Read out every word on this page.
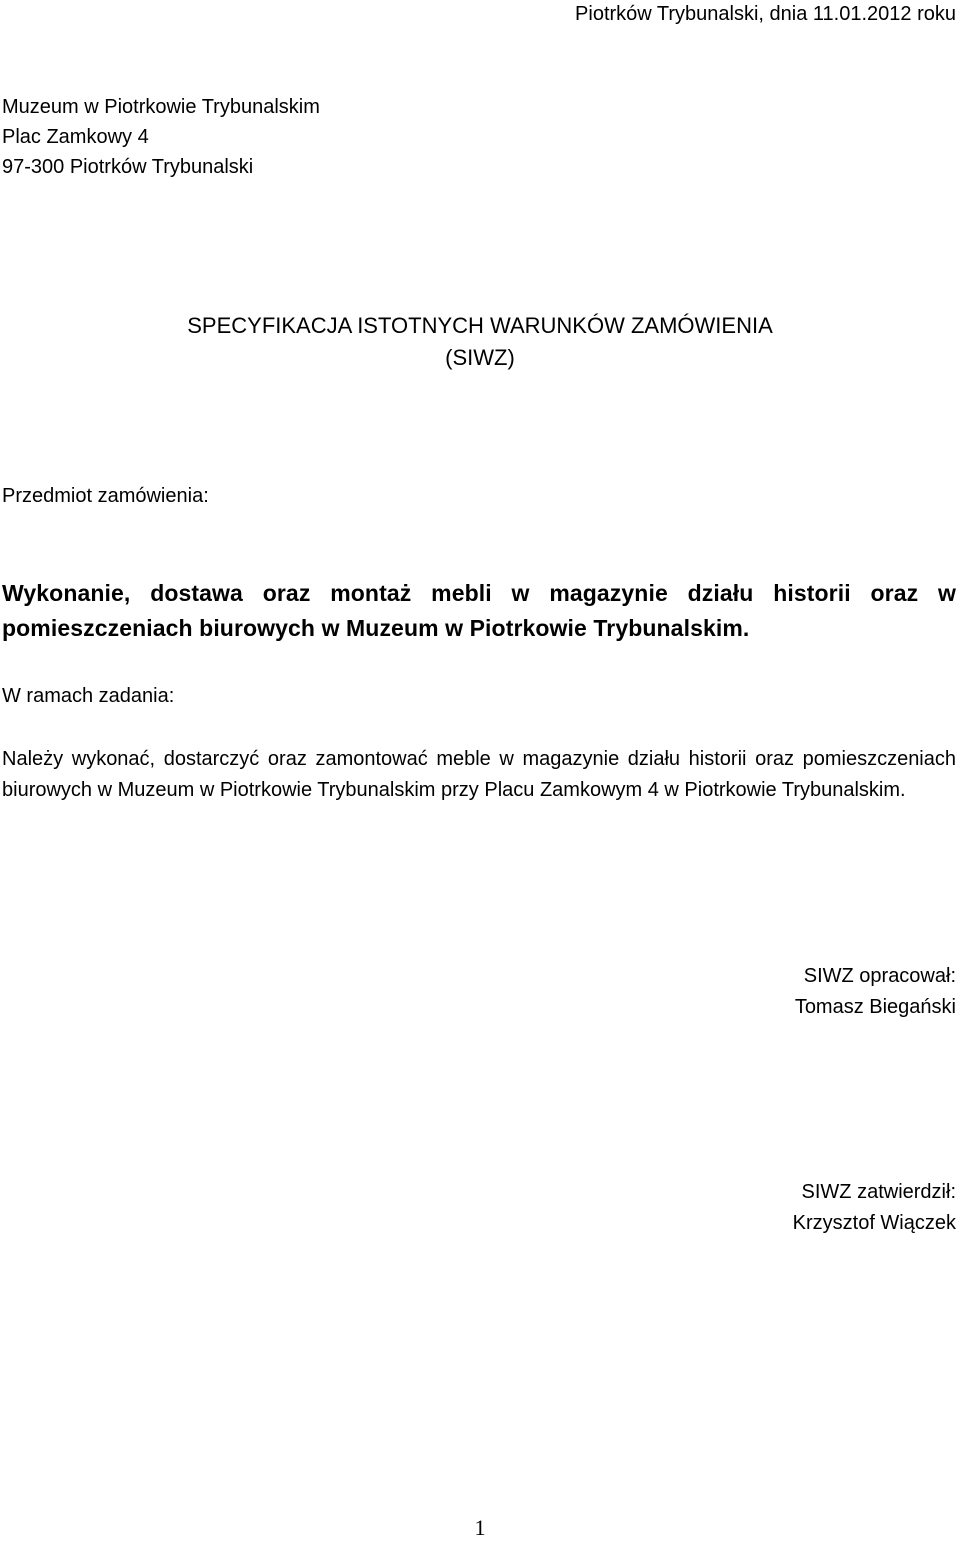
Piotrków Trybunalski, dnia 11.01.2012 roku
Muzeum w Piotrkowie Trybunalskim
Plac Zamkowy 4
97-300 Piotrków Trybunalski
SPECYFIKACJA ISTOTNYCH WARUNKÓW ZAMÓWIENIA
(SIWZ)
Przedmiot zamówienia:
Wykonanie, dostawa oraz montaż mebli w magazynie działu historii oraz w pomieszczeniach biurowych w Muzeum w Piotrkowie Trybunalskim.
W ramach zadania:
Należy wykonać, dostarczyć oraz zamontować meble w magazynie działu historii oraz pomieszczeniach biurowych w Muzeum w Piotrkowie Trybunalskim przy Placu Zamkowym 4 w Piotrkowie Trybunalskim.
SIWZ opracował:
Tomasz Biegański
SIWZ zatwierdził:
Krzysztof Wiączek
1
